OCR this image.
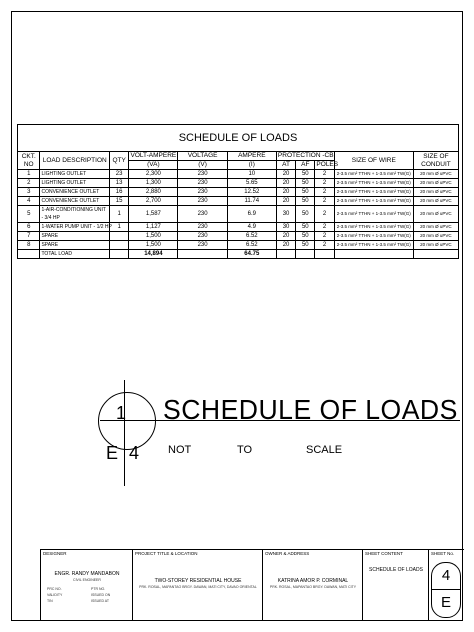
SCHEDULE OF LOADS										
CKT. NO	LOAD DESCRIPTION	QTY	VOLT-AMPERE	VOLTAGE	AMPERE	PROTECTION -CB			SIZE OF WIRE	SIZE OF CONDUIT
			(VA)	(V)	(I)	AT	AF	POLES		
1	LIGHTING OUTLET	23	2,300	230	10	20	50	2	2-3.5 mm² TTHN + 1-3.5 mm² TW(G)	20 mm Ø uPVC
2	LIGHTING OUTLET	13	1,300	230	5.65	20	50	2	2-3.5 mm² TTHN + 1-3.5 mm² TW(G)	20 mm Ø uPVC
3	CONVENIENCE OUTLET	16	2,880	230	12.52	20	50	2	2-3.5 mm² TTHN + 1-3.5 mm² TW(G)	20 mm Ø uPVC
4	CONVENIENCE OUTLET	15	2,700	230	11.74	20	50	2	2-3.5 mm² TTHN + 1-3.5 mm² TW(G)	20 mm Ø uPVC
5	1-AIR-CONDITIONING UNIT - 3/4 HP	1	1,587	230	6.9	30	50	2	2-3.5 mm² TTHN + 1-3.5 mm² TW(G)	20 mm Ø uPVC
6	1-WATER PUMP UNIT - 1/2 HP	1	1,127	230	4.9	30	50	2	2-3.5 mm² TTHN + 1-3.5 mm² TW(G)	20 mm Ø uPVC
7	SPARE		1,500	230	6.52	20	50	2	2-3.5 mm² TTHN + 1-3.5 mm² TW(G)	20 mm Ø uPVC
8	SPARE		1,500	230	6.52	20	50	2	2-3.5 mm² TTHN + 1-3.5 mm² TW(G)	20 mm Ø uPVC
	TOTAL LOAD		14,894		64.75					
1
E 4
SCHEDULE OF LOADS
NOT	TO	SCALE
DESIGNER
ENGR. RANDY MANDABON
CIVIL ENGINEER
PRC NO.	PTR NO.
VALIDITY	ISSUED ON
TIN	ISSUED AT
PROJECT TITLE & LOCATION
TWO-STOREY RESIDENTIAL HOUSE
PRK. ROSAL, MAPANTAO BRGY. DAWAN, MATI CITY, DAVAO ORIENTAL
OWNER & ADDRESS
KATRINA AMOR P. CORMINAL
PRK. ROSAL, MAPANTAO BRGY. DAWAN, MATI CITY
SHEET CONTENT
SCHEDULE OF LOADS
SHEET No.
4
E
